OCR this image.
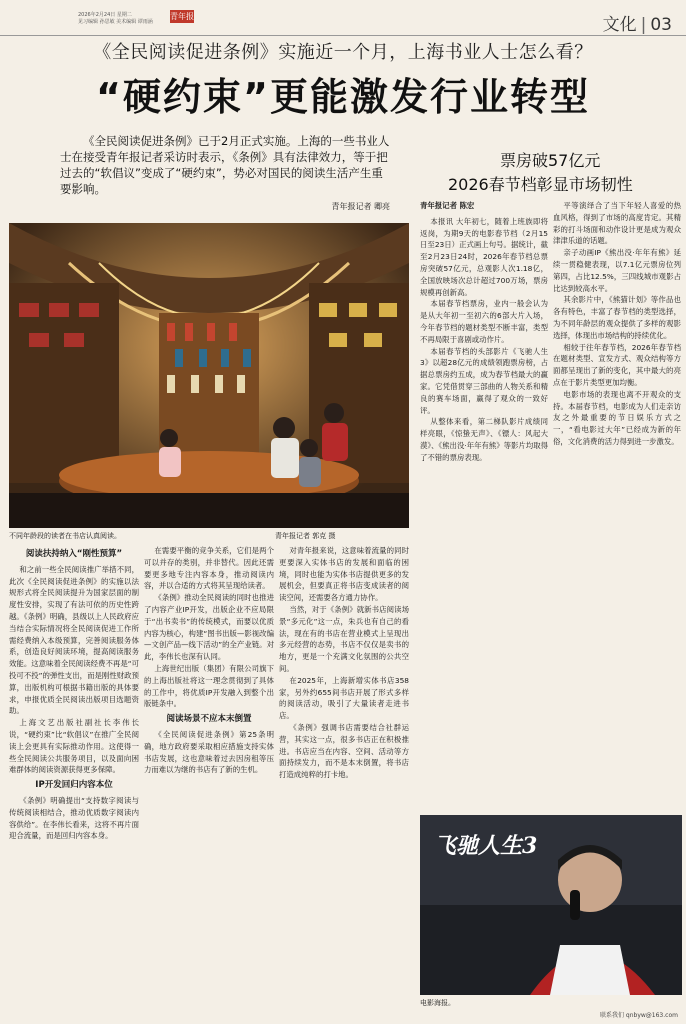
2026年2月24日 星期二
见习编辑 孙思敏 美术编辑 谭雨涵
青年报	文化 | 03
《全民阅读促进条例》实施近一个月，上海书业人士怎么看？
“硬约束”更能激发行业转型

《全民阅读促进条例》已于2月正式实施。上海的一些书业人士在接受青年报记者采访时表示，《条例》具有法律效力，等于把过去的“软倡议”变成了“硬约束”，势必对国民的阅读生活产生重要影响。

青年报记者 卿亮
票房破57亿元
2026春节档彰显市场韧性
不同年龄段的读者在书店认真阅读。	青年报记者 郭克 摄
阅读扶持纳入“刚性预算”

和之前一些全民阅读推广举措不同，此次《全民阅读促进条例》的实施以法规形式将全民阅读提升为国家层面的制度性安排，实现了有法可依的历史性跨越。《条例》明确，县级以上人民政府应当结合实际情况将全民阅读促进工作所需经费纳入本级预算，完善阅读服务体系，创造良好阅读环境，提高阅读服务效能。这意味着全民阅读经费不再是“可投可不投”的弹性支出，而是刚性财政预算，出版机构可根据书籍出版的具体要求，申报优质全民阅读出版项目选题资助。

上海文艺出版社副社长李伟长说，“硬约束”比“软倡议”在推广全民阅读上会更具有实际推动作用。这使得一些全民阅读公共服务项目，以及面向困难群体的阅读资源获得更多保障。

IP开发回归内容本位

《条例》明确提出“支持数字阅读与传统阅读相结合，推动优质数字阅读内容供给”。在李伟长看来，这将不再片面迎合流量，而是回归内容本身。

在需要平衡的竞争关系，它们是两个可以并存的类别，并非替代。因此还需要更多地专注内容本身，推动阅读内容，并以合适的方式将其呈现给读者。

《条例》推动全民阅读的同时也推进了内容产业IP开发，出版企业不应局限于“出书卖书”的传统模式，而要以优质内容为核心，构建“图书出版—影视改编—文创产品—线下活动”的全产业链。对此，李伟长也深有认同。

上海世纪出版（集团）有限公司旗下的上海出版社将这一理念贯彻到了具体的工作中，将优质IP开发融入到整个出版链条中。

阅读场景不应本末倒置

《全民阅读促进条例》第25条明确，地方政府要采取相应措施支持实体书店发展，这也意味着过去因房租等压力而难以为继的书店有了新的生机。

对青年报来说，这意味着流量的同时更要深入实体书店的发展和面临的困境，同时也能为实体书店提供更多的发展机会，但要真正将书店变成读者的阅读空间，还需要各方通力协作。

当然，对于《条例》就新书店阅读场景“多元化”这一点，朱兵也有自己的看法，现在有的书店在营业模式上呈现出多元经营的态势，书店不仅仅是卖书的地方，更是一个充满文化氛围的公共空间。

在2025年，上海新增实体书店358家，另外约655间书店开展了形式多样的阅读活动，吸引了大量读者走进书店。

《条例》强调书店需要结合社群运营，其实这一点，很多书店正在积极推进。书店应当在内容、空间、活动等方面持续发力，而不是本末倒置，将书店打造成纯粹的打卡地。

青年报记者 陈宏

本报讯 大年初七，随着上班族即将返岗，为期9天的电影春节档（2月15日至23日）正式画上句号。据统计，截至2月23日24时，2026年春节档总票房突破57亿元，总观影人次1.18亿，全国放映场次总计超过700万场，票房规模再创新高。

本届春节档票房，业内一般会认为是从大年初一至初六的6部大片入场，今年春节档的题材类型不断丰富，类型不再局限于喜剧或动作片。

本届春节档的头部影片《飞驰人生3》以超28亿元的成绩领跑票房榜，占据总票房约五成，成为春节档最大的赢家。它凭借贯穿三部曲的人物关系和精良的赛车场面，赢得了观众的一致好评。

从整体来看，第二梯队影片成绩同样亮眼，《惊蛰无声》、《镖人：风起大漠》、《熊出没·年年有熊》等影片均取得了不错的票房表现。

平等演绎合了当下年轻人喜爱的热血风格，得到了市场的高度肯定。其精彩的打斗场面和动作设计更是成为观众津津乐道的话题。

亲子动画IP《熊出没·年年有熊》延续一贯稳健表现，以7.1亿元票房位列第四，占比12.5%，三四线城市观影占比达到较高水平。

其余影片中，《熊猫计划》等作品也各有特色，丰富了春节档的类型选择，为不同年龄层的观众提供了多样的观影选择，体现出市场结构的持续优化。

相较于往年春节档，2026年春节档在题材类型、宣发方式、观众结构等方面都呈现出了新的变化，其中最大的亮点在于影片类型更加均衡。

电影市场的表现也离不开观众的支持。本届春节档，电影成为人们走亲访友之外最重要的节日娱乐方式之一，“看电影过大年”已经成为新的年俗，文化消费的活力得到进一步激发。

飞驰人生3
电影海报。
联系我们 qnbyw@163.com
